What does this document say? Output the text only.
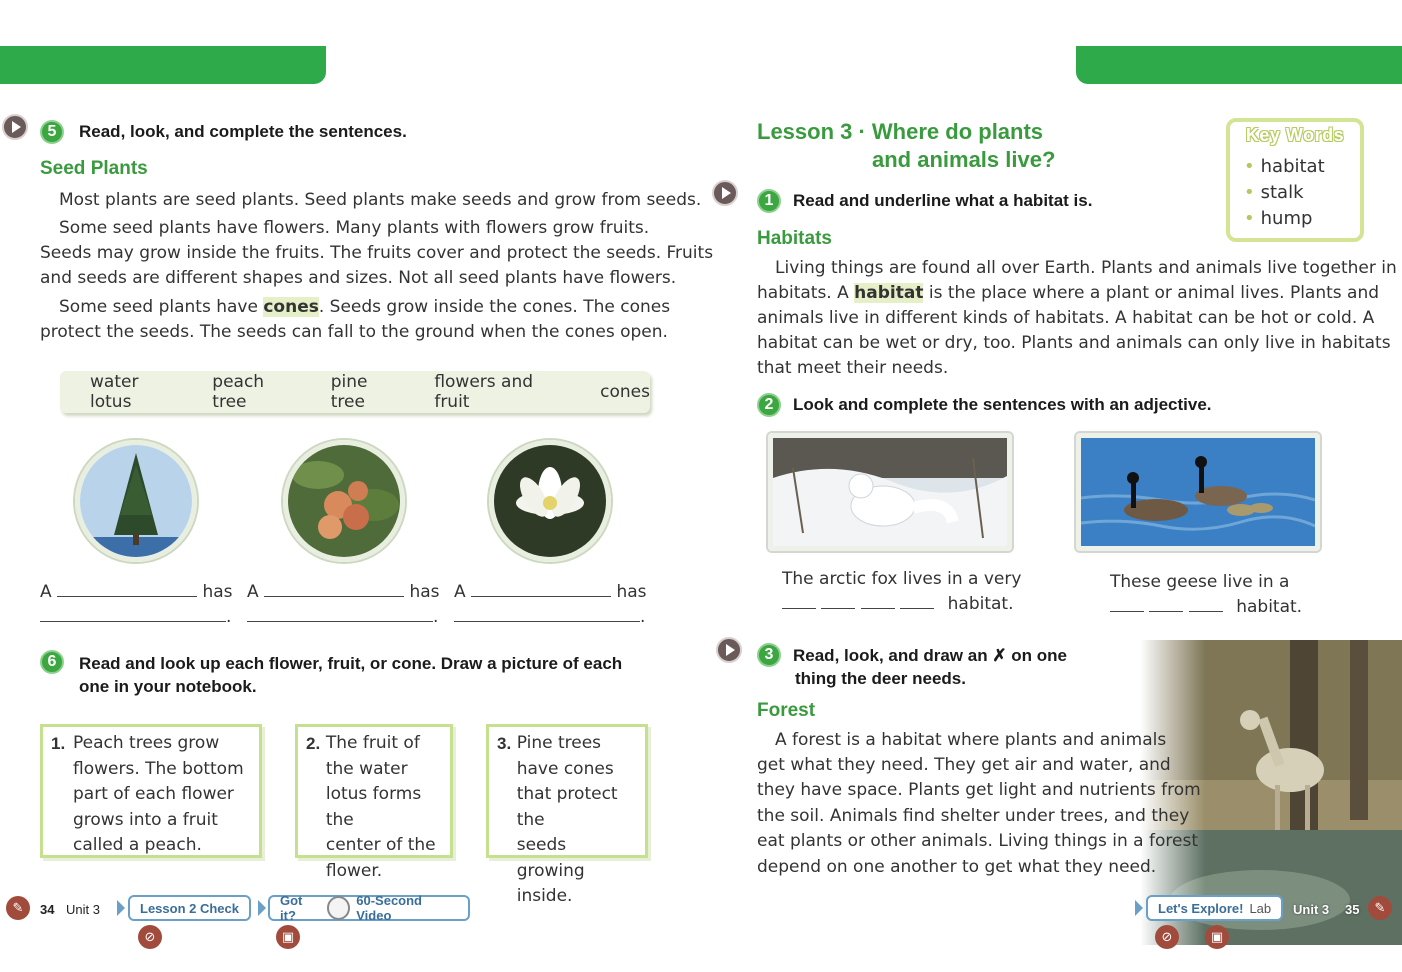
5	Read, look, and complete the sentences.
Seed Plants
Most plants are seed plants. Seed plants make seeds and grow from seeds.
Some seed plants have flowers. Many plants with flowers grow fruits.
Seeds may grow inside the fruits. The fruits cover and protect the seeds. Fruits
and seeds are different shapes and sizes. Not all seed plants have flowers.
Some seed plants have cones. Seeds grow inside the cones. The cones
protect the seeds. The seeds can fall to the ground when the cones open.
water lotus
peach tree
pine tree
flowers and fruit	cones
A	has
.
A	has
.
A	has
.
6	Read and look up each flower, fruit, or cone. Draw a picture of each
one in your notebook.
1. Peach trees grow
flowers. The bottom
part of each flower
grows into a fruit
called a peach.
2. The fruit of
the water
lotus forms the
center of the
flower.
3. Pine trees
have cones
that protect the
seeds growing
inside.
✎	34 Unit 3	Lesson 2 Check	Got it?
60-Second Video
⊘	▣
Lesson 3 · Where do plants
and animals live?
Key Words
• habitat
• stalk
• hump
1	Read and underline what a habitat is.
Habitats
Living things are found all over Earth. Plants and animals live together in
habitats. A habitat is the place where a plant or animal lives. Plants and
animals live in different kinds of habitats. A habitat can be hot or cold. A
habitat can be wet or dry, too. Plants and animals can only live in habitats
that meet their needs.
2	Look and complete the sentences with an adjective.
The arctic fox lives in a very
habitat.
These geese live in a
habitat.
3	Read, look, and draw an ✗ on one
thing the deer needs.
Forest
A forest is a habitat where plants and animals
get what they need. They get air and water, and
they have space. Plants get light and nutrients from
the soil. Animals find shelter under trees, and they
eat plants or other animals. Living things in a forest
depend on one another to get what they need.
Let's Explore! Lab Unit 3 35	✎
⊘	▣
